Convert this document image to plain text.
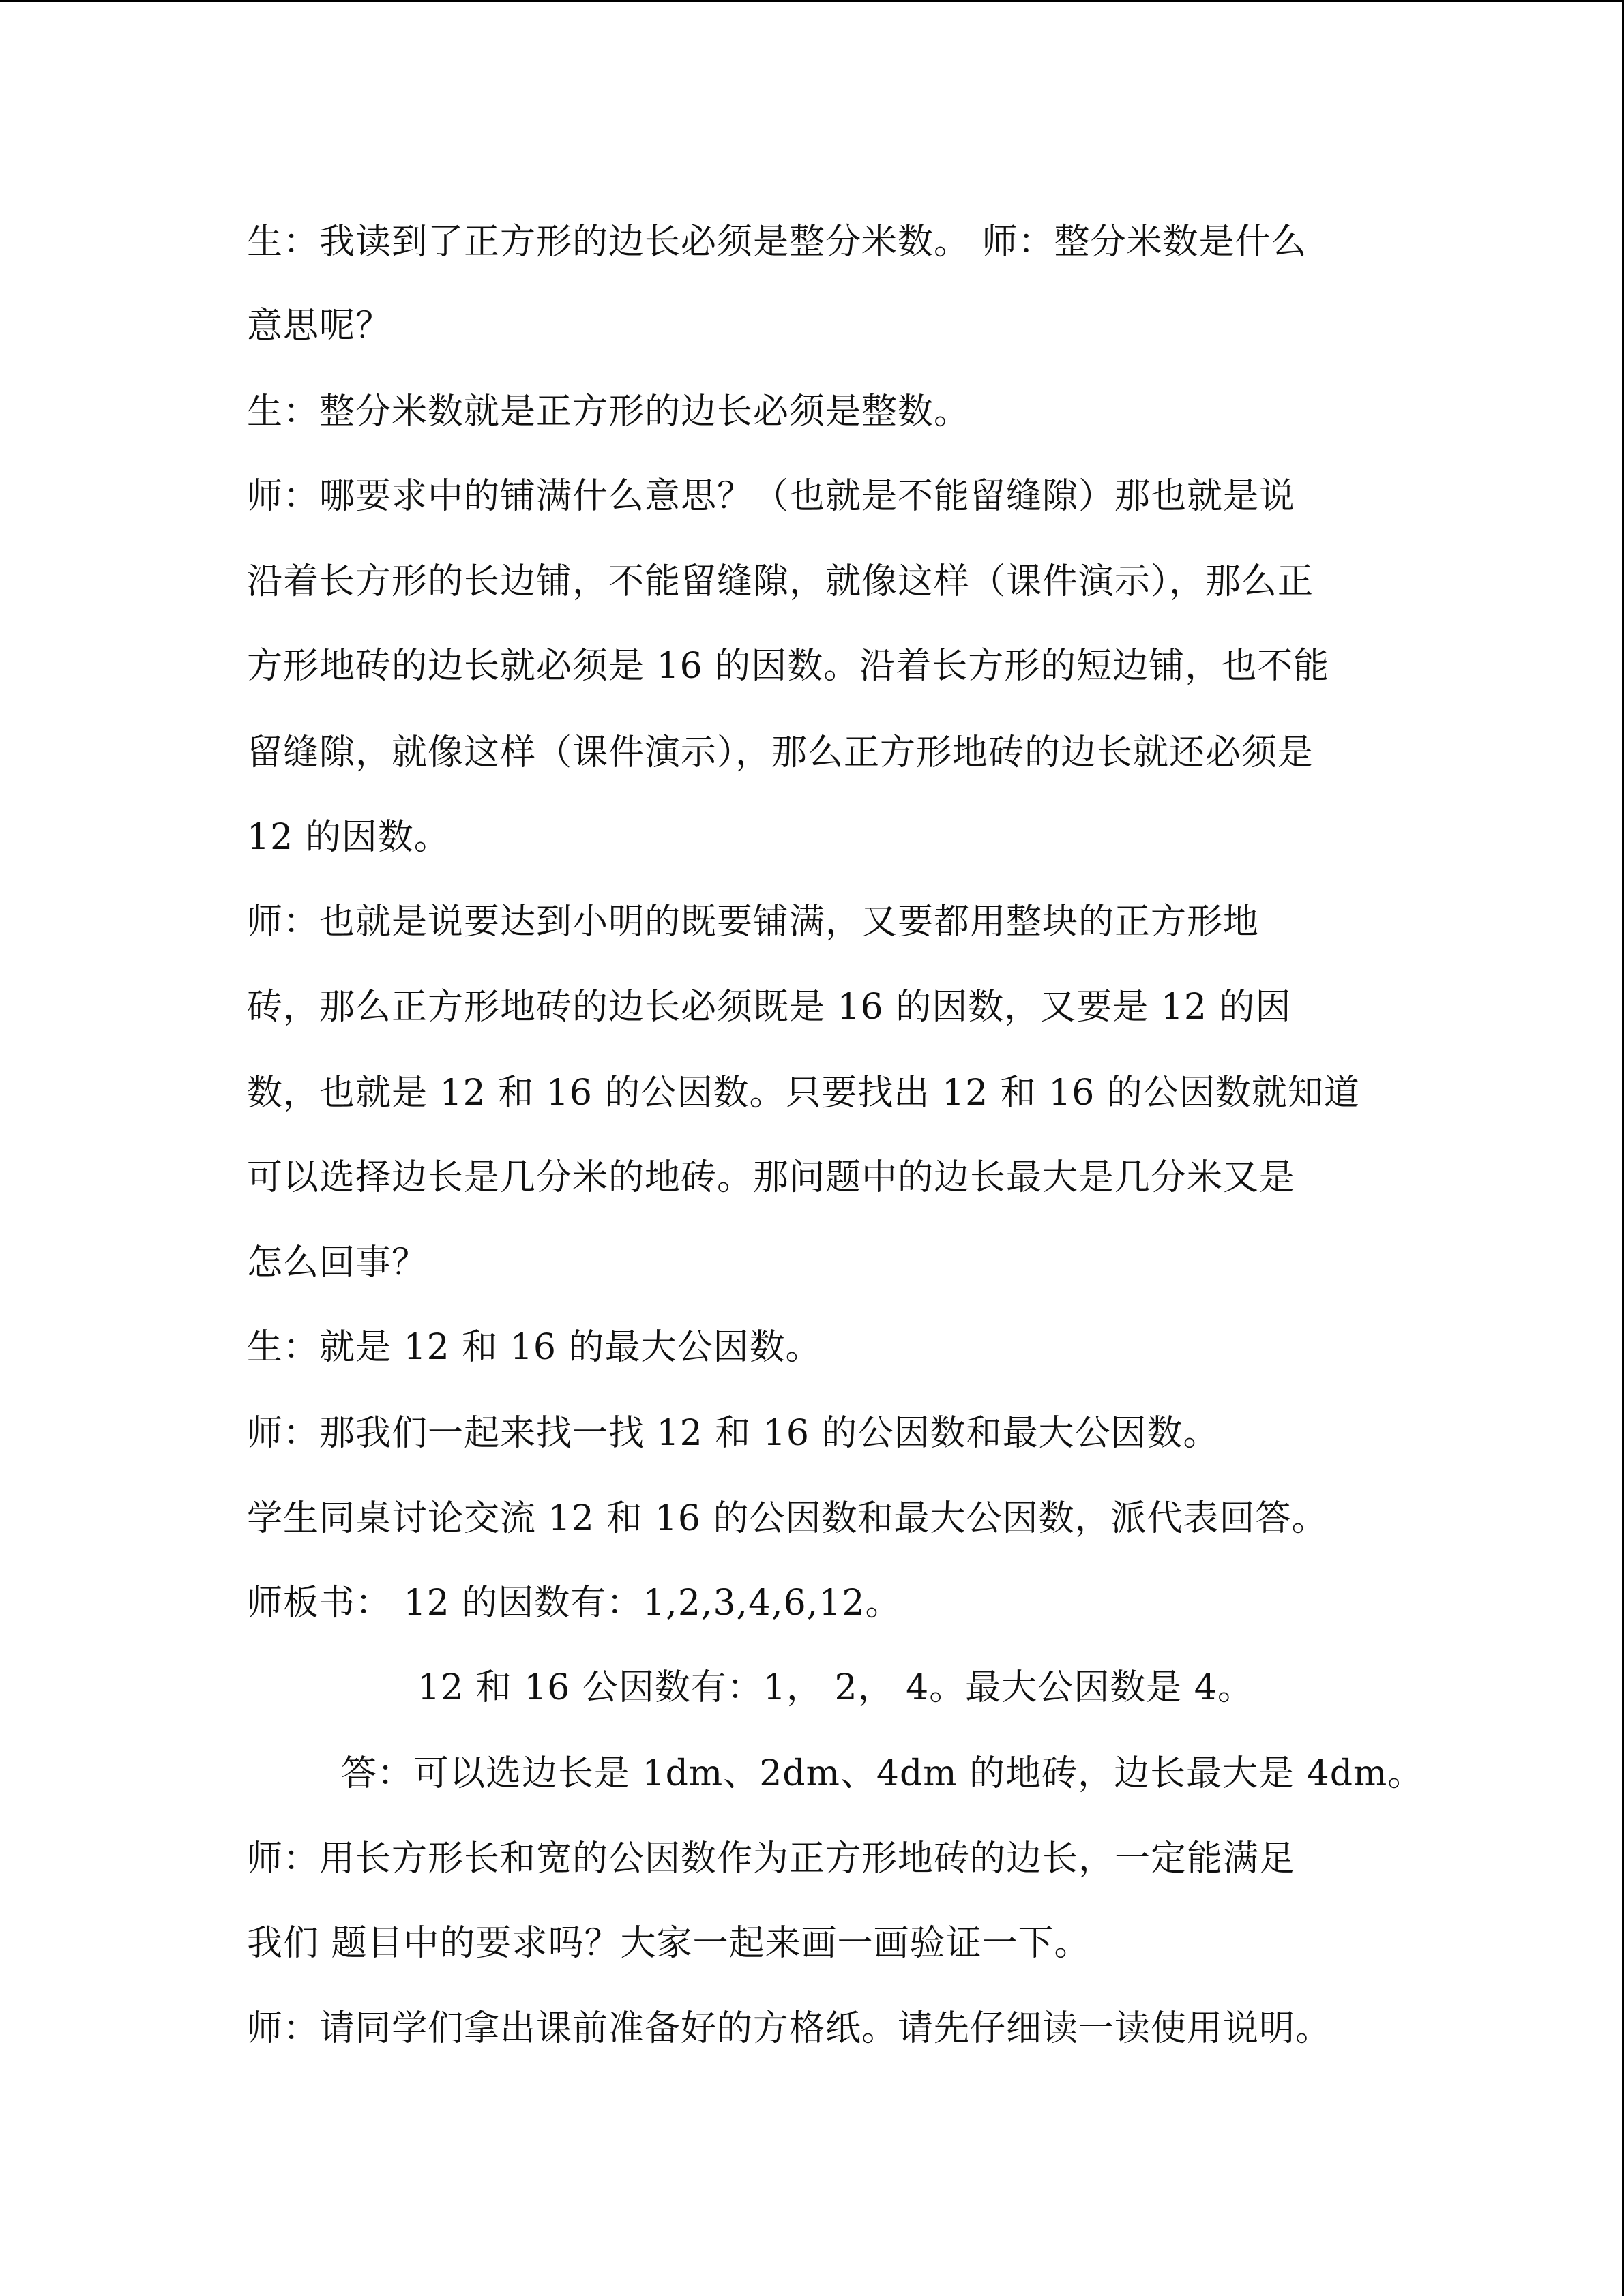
生：我读到了正方形的边长必须是整分米数。 师：整分米数是什么

意思呢？

生：整分米数就是正方形的边长必须是整数。

师：哪要求中的铺满什么意思？（也就是不能留缝隙）那也就是说

沿着长方形的长边铺，不能留缝隙，就像这样（课件演示），那么正

方形地砖的边长就必须是 16 的因数。沿着长方形的短边铺，也不能

留缝隙，就像这样（课件演示），那么正方形地砖的边长就还必须是

12 的因数。

师：也就是说要达到小明的既要铺满，又要都用整块的正方形地

砖，那么正方形地砖的边长必须既是 16 的因数，又要是 12 的因

数，也就是 12 和 16 的公因数。只要找出 12 和 16 的公因数就知道

可以选择边长是几分米的地砖。那问题中的边长最大是几分米又是

怎么回事？

生：就是 12 和 16 的最大公因数。

师：那我们一起来找一找 12 和 16 的公因数和最大公因数。

学生同桌讨论交流 12 和 16 的公因数和最大公因数，派代表回答。

师板书： 12 的因数有：1,2,3,4,6,12。

12 和 16 公因数有：1， 2， 4。最大公因数是 4。

答：可以选边长是 1dm、2dm、4dm 的地砖，边长最大是 4dm。

师：用长方形长和宽的公因数作为正方形地砖的边长，一定能满足

我们 题目中的要求吗？大家一起来画一画验证一下。

师：请同学们拿出课前准备好的方格纸。请先仔细读一读使用说明。
